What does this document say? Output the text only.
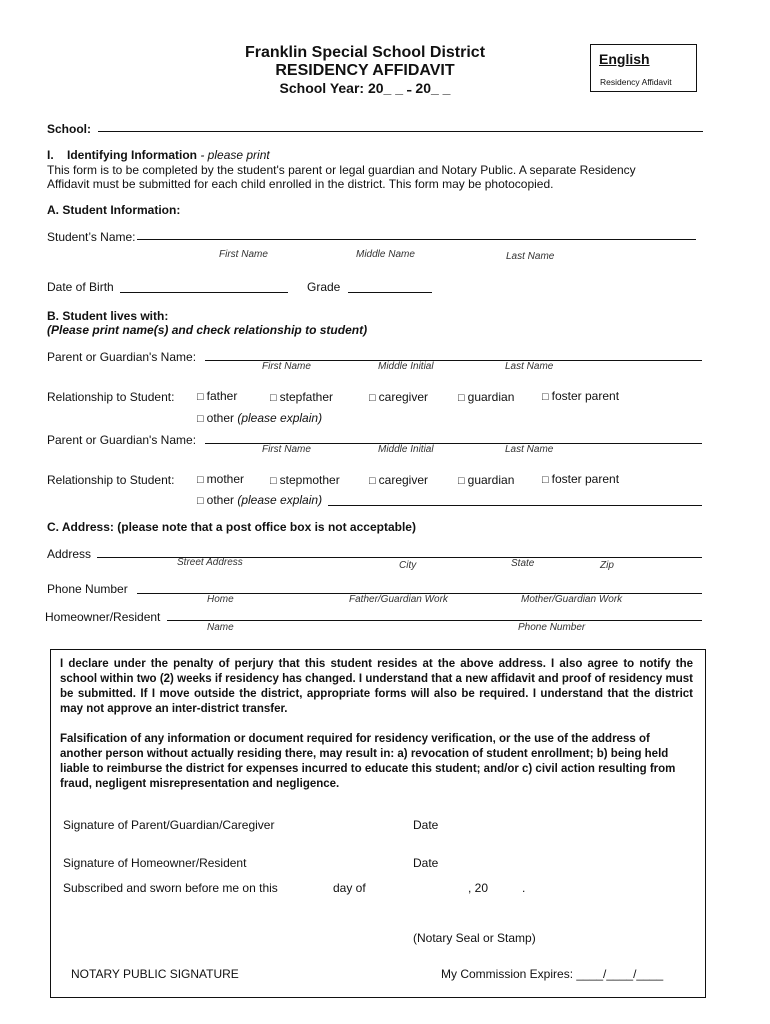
Franklin Special School District
RESIDENCY AFFIDAVIT
School Year: 20_ _ ˗ 20_ _
English
Residency Affidavit
School:
I. Identifying Information - please print
This form is to be completed by the student's parent or legal guardian and Notary Public. A separate Residency
Affidavit must be submitted for each child enrolled in the district. This form may be photocopied.
A. Student Information:
Student’s Name:
First Name	Middle Name	Last Name
Date of Birth	Grade
B. Student lives with:
(Please print name(s) and check relationship to student)
Parent or Guardian's Name:
First Name	Middle Initial	Last Name
Relationship to Student:	□ father	□ stepfather	□ caregiver	□ guardian	□ foster parent
□ other (please explain)
Parent or Guardian's Name:
First Name	Middle Initial	Last Name
Relationship to Student:	□ mother	□ stepmother	□ caregiver	□ guardian	□ foster parent
□ other (please explain)
C. Address: (please note that a post office box is not acceptable)
Address
Street Address	City	State	Zip
Phone Number
Home	Father/Guardian Work	Mother/Guardian Work
Homeowner/Resident
Name	Phone Number
I declare under the penalty of perjury that this student resides at the above address. I also agree to notify the school within two (2) weeks if residency has changed. I understand that a new affidavit and proof of residency must be submitted. If I move outside the district, appropriate forms will also be required. I understand that the district may not approve an inter-district transfer.
Falsification of any information or document required for residency verification, or the use of the address of another person without actually residing there, may result in: a) revocation of student enrollment; b) being held liable to reimburse the district for expenses incurred to educate this student; and/or c) civil action resulting from fraud, negligent misrepresentation and negligence.
Signature of Parent/Guardian/Caregiver	Date
Signature of Homeowner/Resident	Date
Subscribed and sworn before me on this	day of	, 20	.
(Notary Seal or Stamp)
NOTARY PUBLIC SIGNATURE	My Commission Expires: ____/____/____
